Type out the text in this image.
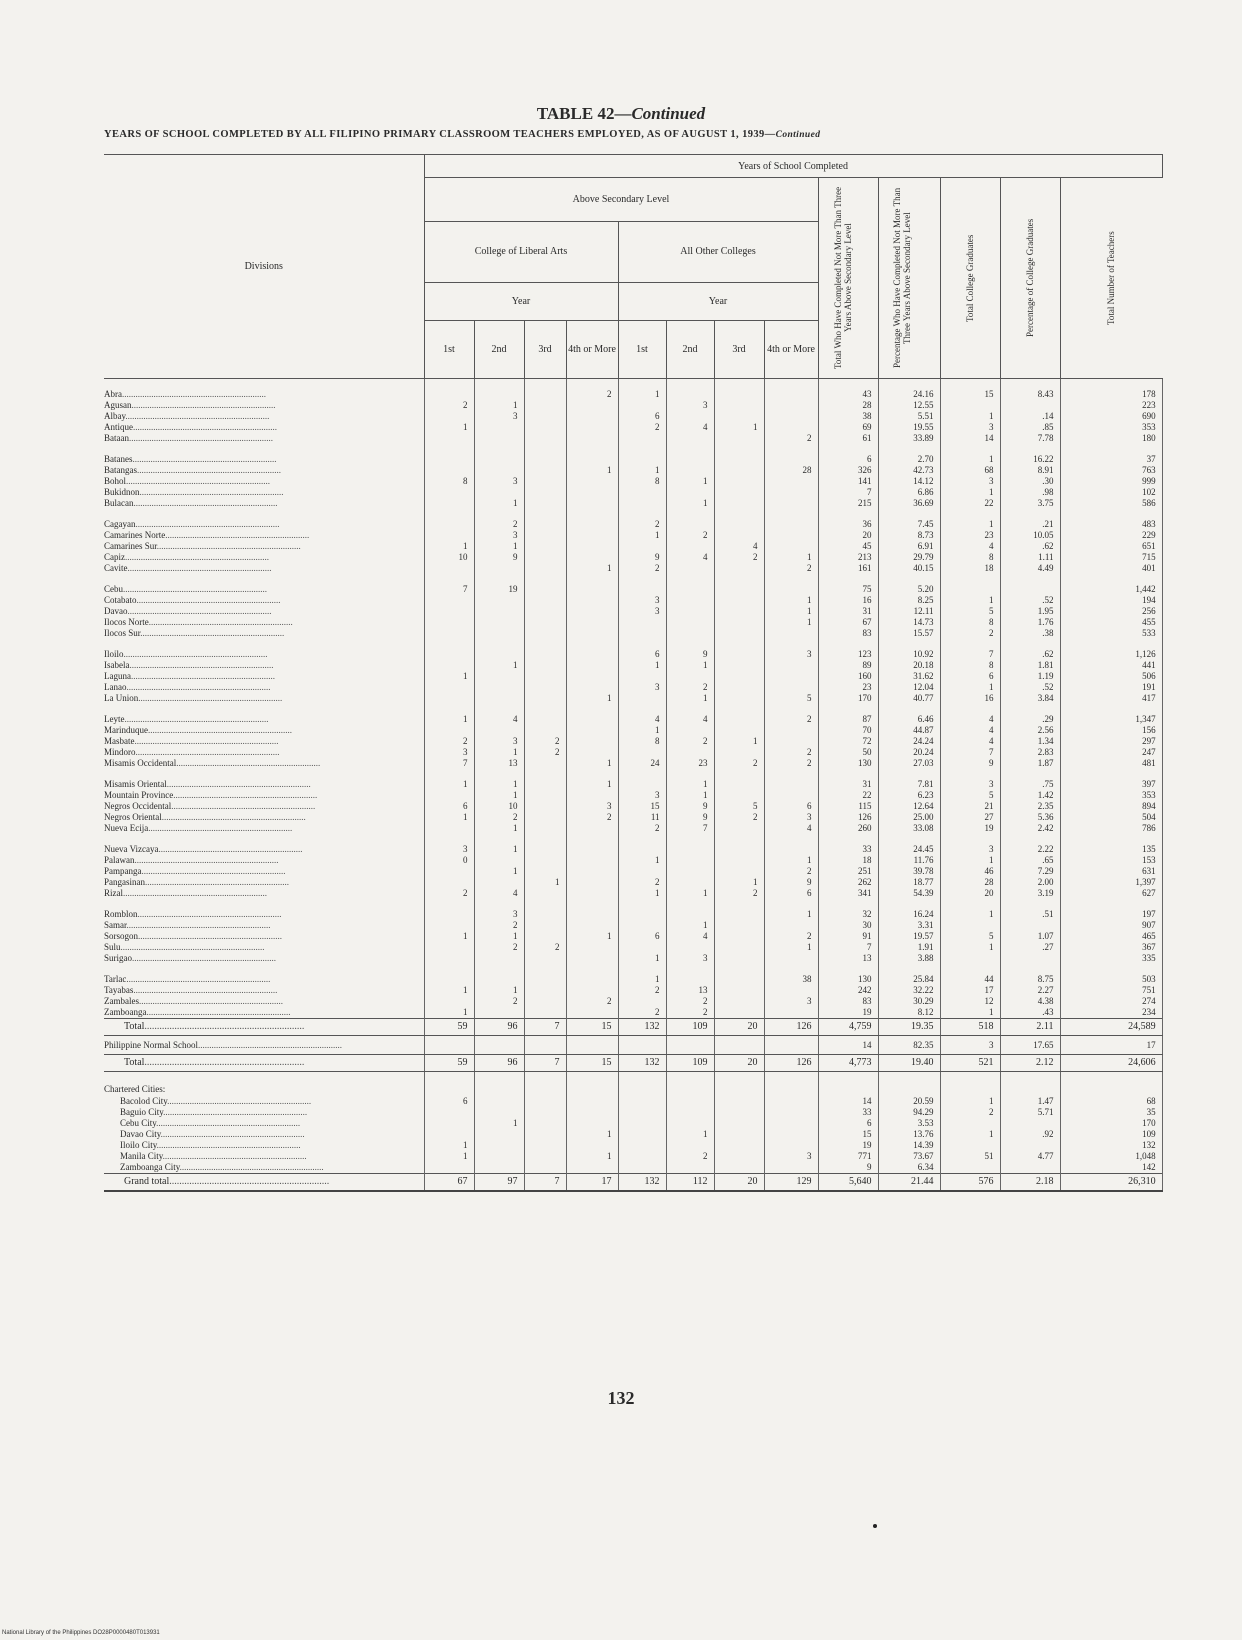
TABLE 42—Continued
YEARS OF SCHOOL COMPLETED BY ALL FILIPINO PRIMARY CLASSROOM TEACHERS EMPLOYED, AS OF AUGUST 1, 1939—Continued
Divisions	Years of School Completed												
	Above Secondary Level								Total Who Have Completed Not More Than Three Years Above Secondary Level	Percentage Who Have Completed Not More Than Three Years Above Secondary Level	Total College Graduates	Percentage of College Graduates	Total Number of Teachers

	College of Liberal Arts				All Other Colleges								
	Year				Year								
	1st	2nd	3rd	4th or More	1st	2nd	3rd	4th or More					
Abra................................................................				2	1				43	24.16	15	8.43	178
Agusan................................................................	2	1				3			28	12.55			223
Albay................................................................		3			6				38	5.51	1	.14	690
Antique................................................................	1				2	4	1		69	19.55	3	.85	353
Bataan................................................................								2	61	33.89	14	7.78	180
Batanes................................................................									6	2.70	1	16.22	37
Batangas................................................................				1	1			28	326	42.73	68	8.91	763
Bohol................................................................	8	3			8	1			141	14.12	3	.30	999
Bukidnon................................................................									7	6.86	1	.98	102
Bulacan................................................................		1				1			215	36.69	22	3.75	586
Cagayan................................................................		2			2				36	7.45	1	.21	483
Camarines Norte................................................................		3			1	2			20	8.73	23	10.05	229
Camarines Sur................................................................	1	1					4		45	6.91	4	.62	651
Capiz................................................................	10	9			9	4	2	1	213	29.79	8	1.11	715
Cavite................................................................				1	2			2	161	40.15	18	4.49	401
Cebu................................................................	7	19							75	5.20			1,442
Cotabato................................................................					3			1	16	8.25	1	.52	194
Davao................................................................					3			1	31	12.11	5	1.95	256
Ilocos Norte................................................................								1	67	14.73	8	1.76	455
Ilocos Sur................................................................									83	15.57	2	.38	533
Iloilo................................................................					6	9		3	123	10.92	7	.62	1,126
Isabela................................................................		1			1	1			89	20.18	8	1.81	441
Laguna................................................................	1								160	31.62	6	1.19	506
Lanao................................................................					3	2			23	12.04	1	.52	191
La Union................................................................				1		1		5	170	40.77	16	3.84	417
Leyte................................................................	1	4			4	4		2	87	6.46	4	.29	1,347
Marinduque................................................................					1				70	44.87	4	2.56	156
Masbate................................................................	2	3	2		8	2	1		72	24.24	4	1.34	297
Mindoro................................................................	3	1	2					2	50	20.24	7	2.83	247
Misamis Occidental................................................................	7	13		1	24	23	2	2	130	27.03	9	1.87	481
Misamis Oriental................................................................	1	1		1		1			31	7.81	3	.75	397
Mountain Province................................................................		1			3	1			22	6.23	5	1.42	353
Negros Occidental................................................................	6	10		3	15	9	5	6	115	12.64	21	2.35	894
Negros Oriental................................................................	1	2		2	11	9	2	3	126	25.00	27	5.36	504
Nueva Ecija................................................................		1			2	7		4	260	33.08	19	2.42	786
Nueva Vizcaya................................................................	3	1							33	24.45	3	2.22	135
Palawan................................................................	0				1			1	18	11.76	1	.65	153
Pampanga................................................................		1						2	251	39.78	46	7.29	631
Pangasinan................................................................			1		2		1	9	262	18.77	28	2.00	1,397
Rizal................................................................	2	4			1	1	2	6	341	54.39	20	3.19	627
Romblon................................................................		3						1	32	16.24	1	.51	197
Samar................................................................		2				1			30	3.31			907
Sorsogon................................................................	1	1		1	6	4		2	91	19.57	5	1.07	465
Sulu................................................................		2	2					1	7	1.91	1	.27	367
Surigao................................................................					1	3			13	3.88			335
Tarlac................................................................					1			38	130	25.84	44	8.75	503
Tayabas................................................................	1	1			2	13			242	32.22	17	2.27	751
Zambales................................................................		2		2		2		3	83	30.29	12	4.38	274
Zamboanga................................................................	1				2	2			19	8.12	1	.43	234
Total................................................................	59	96	7	15	132	109	20	126	4,759	19.35	518	2.11	24,589
Philippine Normal School................................................................									14	82.35	3	17.65	17
Total................................................................	59	96	7	15	132	109	20	126	4,773	19.40	521	2.12	24,606
Chartered Cities:													
Bacolod City................................................................	6								14	20.59	1	1.47	68
Baguio City................................................................									33	94.29	2	5.71	35
Cebu City................................................................		1							6	3.53			170
Davao City................................................................				1		1			15	13.76	1	.92	109
Iloilo City................................................................	1								19	14.39			132
Manila City................................................................	1			1		2		3	771	73.67	51	4.77	1,048
Zamboanga City................................................................									9	6.34			142
Grand total................................................................	67	97	7	17	132	112	20	129	5,640	21.44	576	2.18	26,310
132
National Library of the Philippines DO28P0000480T013931
